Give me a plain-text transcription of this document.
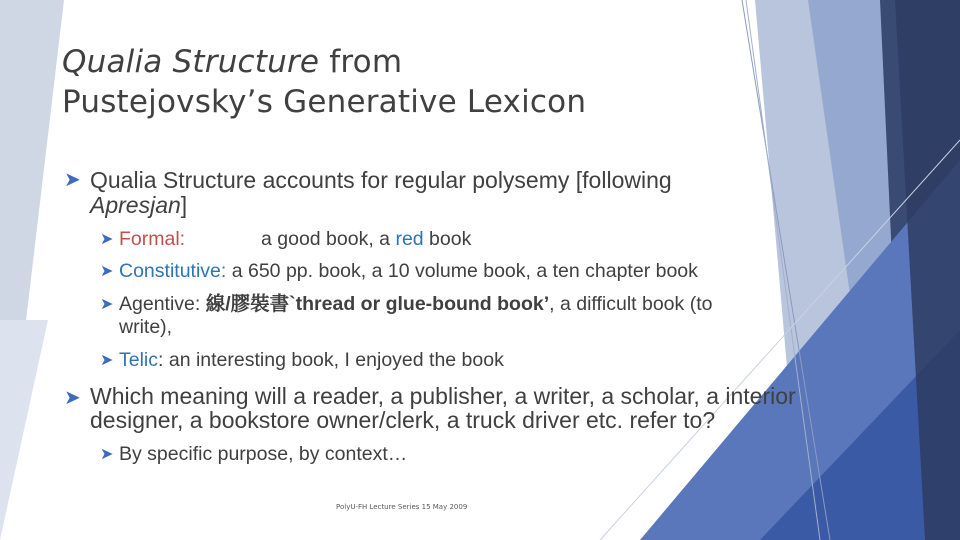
Qualia Structure from
Pustejovsky’s Generative Lexicon
➤ Qualia Structure accounts for regular polysemy [following
Apresjan]
➤ Formal:	a good book, a red book
➤ Constitutive: a 650 pp. book, a 10 volume book, a ten chapter book
➤ Agentive: 線/膠裝書`thread or glue-bound book’, a difficult book (to
write),
➤ Telic: an interesting book, I enjoyed the book
➤ Which meaning will a reader, a publisher, a writer, a scholar, a interior
designer, a bookstore owner/clerk, a truck driver etc. refer to?
➤ By specific purpose, by context…
PolyU-FH Lecture Series 15 May 2009
